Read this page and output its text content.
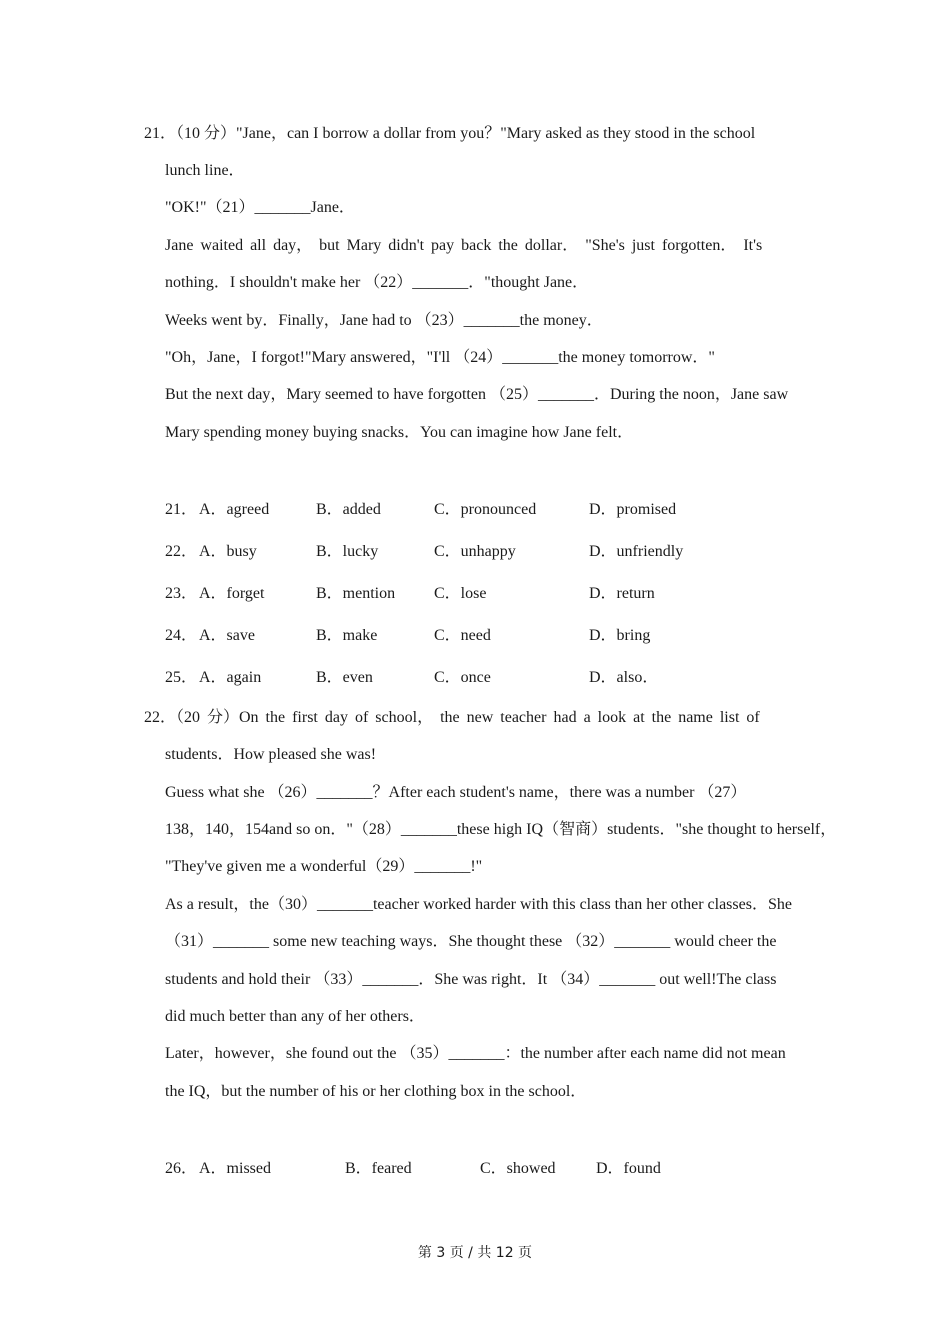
21．（10 分）"Jane，can I borrow a dollar from you？"Mary asked as they stood in the school
lunch line．
"OK!"（21）_______Jane．
Jane waited all day， but Mary didn't pay back the dollar． "She's just forgotten． It's
nothing．I shouldn't make her （22）_______．"thought Jane．
Weeks went by．Finally，Jane had to （23）_______the money．
"Oh，Jane，I forgot!"Mary answered，"I'll （24）_______the money tomorrow．"
But the next day，Mary seemed to have forgotten （25）_______．During the noon，Jane saw
Mary spending money buying snacks．You can imagine how Jane felt．
21． A．agreed	B．added	C．pronounced	D．promised
22． A．busy	B．lucky	C．unhappy	D．unfriendly
23． A．forget	B．mention C．lose	D．return
24． A．save	B．make	C．need	D．bring
25． A．again	B．even	C．once	D．also．
22．（20 分）On the first day of school， the new teacher had a look at the name list of
students．How pleased she was!
Guess what she （26）_______？After each student's name，there was a number （27）
138，140，154and so on．"（28）_______these high IQ（智商）students．"she thought to herself，
"They've given me a wonderful（29）_______!"
As a result，the（30）_______teacher worked harder with this class than her other classes．She
（31）_______ some new teaching ways．She thought these （32）_______ would cheer the
students and hold their （33）_______．She was right．It （34）_______ out well!The class
did much better than any of her others．
Later，however，she found out the （35）_______：the number after each name did not mean
the IQ，but the number of his or her clothing box in the school．
26． A．missed	B．feared	C．showed	D．found
第 3 页 / 共 12 页
